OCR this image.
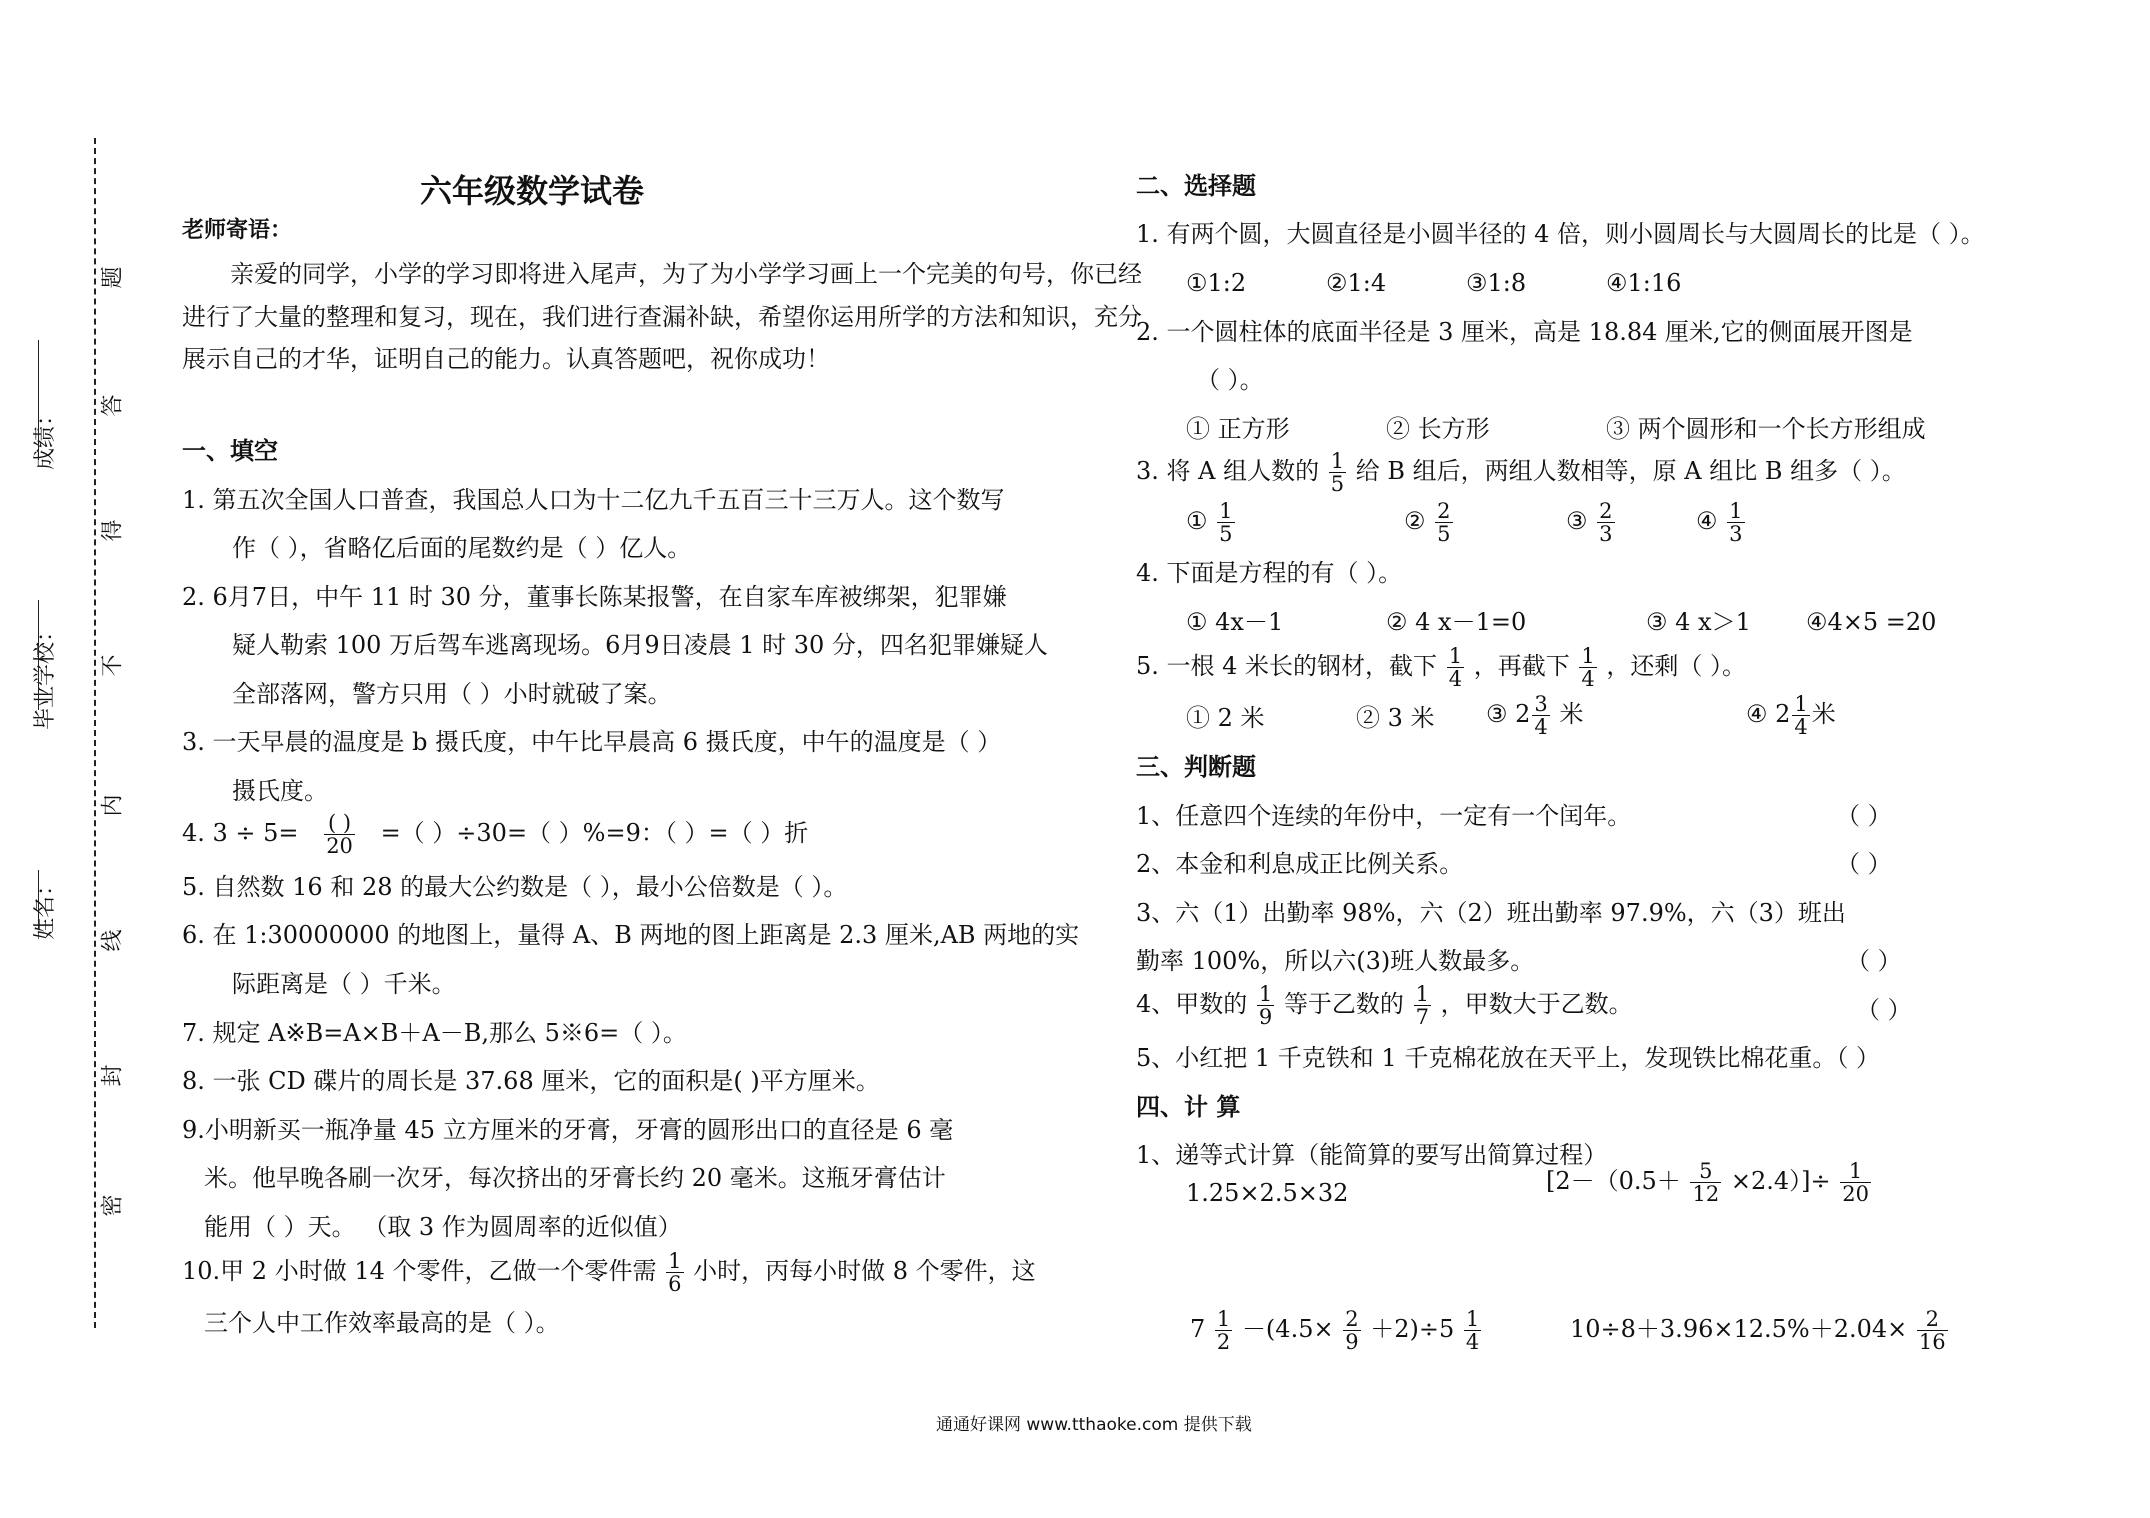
题
答
得
不
内
线
封
密
姓名：
毕业学校：
成绩：
六年级数学试卷
老师寄语：
亲爱的同学，小学的学习即将进入尾声，为了为小学学习画上一个完美的句号，你已经
进行了大量的整理和复习，现在，我们进行查漏补缺，希望你运用所学的方法和知识，充分
展示自己的才华，证明自己的能力。认真答题吧，祝你成功！
一、填空
1. 第五次全国人口普查，我国总人口为十二亿九千五百三十三万人。这个数写
作（ ），省略亿后面的尾数约是（ ）亿人。
2. 6月7日，中午 11 时 30 分，董事长陈某报警，在自家车库被绑架，犯罪嫌
疑人勒索 100 万后驾车逃离现场。6月9日凌晨 1 时 30 分，四名犯罪嫌疑人
全部落网，警方只用（ ）小时就破了案。
3. 一天早晨的温度是 b 摄氏度，中午比早晨高 6 摄氏度，中午的温度是（ ）
摄氏度。
4. $3 \div 5= \frac{( )}{20}$ =（ ）÷30=（ ）%=9：（ ）=（ ）折
5. 自然数 16 和 28 的最大公约数是（ ），最小公倍数是（ ）。
6. 在 1:30000000 的地图上，量得 A、B 两地的图上距离是 2.3 厘米,AB 两地的实
际距离是（ ）千米。
7. 规定 A※B=A×B＋A－B,那么 5※6=（ ）。
8. 一张 CD 碟片的周长是 37.68 厘米，它的面积是( )平方厘米。
9.小明新买一瓶净量 45 立方厘米的牙膏，牙膏的圆形出口的直径是 6 毫
米。他早晚各刷一次牙，每次挤出的牙膏长约 20 毫米。这瓶牙膏估计
能用（ ）天。 （取 3 作为圆周率的近似值）
10.甲 2 小时做 14 个零件，乙做一个零件需 $\frac{1}{6}$ 小时，丙每小时做 8 个零件，这
三个人中工作效率最高的是（ ）。
二、选择题
1. 有两个圆，大圆直径是小圆半径的 4 倍，则小圆周长与大圆周长的比是（ ）。
①1:2	②1:4	③1:8	④1:16
2. 一个圆柱体的底面半径是 3 厘米，高是 18.84 厘米,它的侧面展开图是
（ ）。
① 正方形	② 长方形	③ 两个圆形和一个长方形组成
3. 将 A 组人数的 $\frac{1}{5}$ 给 B 组后，两组人数相等，原 A 组比 B 组多（ ）。
① $\frac{1}{5}$	② $\frac{2}{5}$	③ $\frac{2}{3}$	④ $\frac{1}{3}$
4. 下面是方程的有（ ）。
① 4x－1	② 4 x－1=0	③ 4 x＞1 ④4×5 =20
5. 一根 4 米长的钢材，截下 $\frac{1}{4}$ ，再截下 $\frac{1}{4}$ ，还剩（ ）。
① 2 米	② 3 米 ③ $2 \frac{3}{4}$ 米	④ $2 \frac{1}{4}$ 米
三、判断题
1、任意四个连续的年份中，一定有一个闰年。	（ ）
2、本金和利息成正比例关系。	（ ）
3、六（1）出勤率 98%，六（2）班出勤率 97.9%，六（3）班出
勤率 100%，所以六(3)班人数最多。	（ ）
4、甲数的 $\frac{1}{9}$ 等于乙数的 $\frac{1}{7}$ ，甲数大于乙数。	（ ）
5、小红把 1 千克铁和 1 千克棉花放在天平上，发现铁比棉花重。（ ）
四、计 算
1、递等式计算（能简算的要写出简算过程）
1.25×2.5×32	$[2-(0.5+ \frac{5}{12} \times 2.4)]\div \frac{1}{20}$
$7 \frac{1}{2} -(4.5\times \frac{2}{9} +2)\div 5 \frac{1}{4}$	$10\div 8+3.96\times 12.5\%+2.04\times \frac{2}{16}$
通通好课网 www.tthaoke.com 提供下载
